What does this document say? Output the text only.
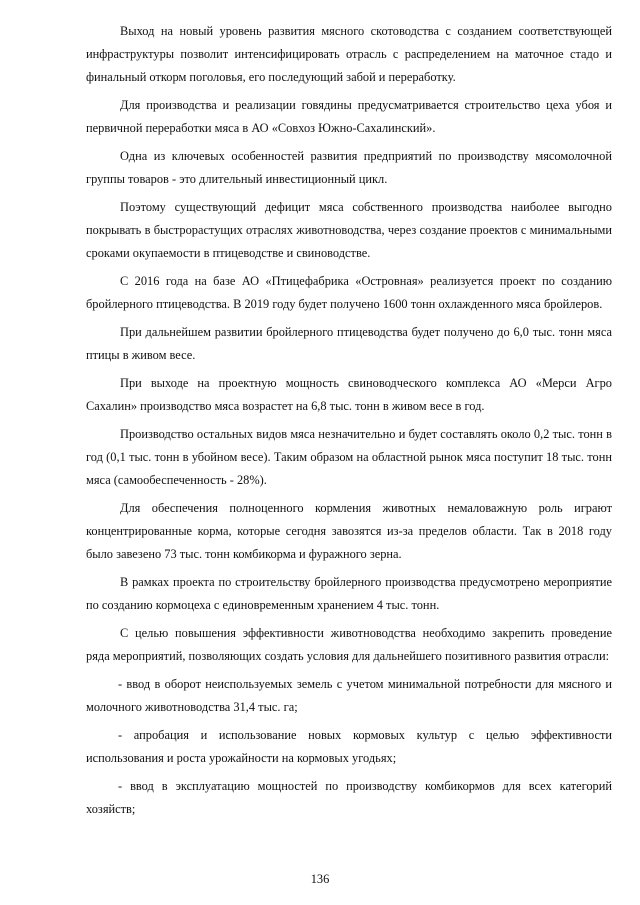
Выход на новый уровень развития мясного скотоводства с созданием соответствующей инфраструктуры позволит интенсифицировать отрасль с распределением на маточное стадо и финальный откорм поголовья, его последующий забой и переработку.

Для производства и реализации говядины предусматривается строительство цеха убоя и первичной переработки мяса в АО «Совхоз Южно-Сахалинский».

Одна из ключевых особенностей развития предприятий по производству мясомолочной группы товаров - это длительный инвестиционный цикл.

Поэтому существующий дефицит мяса собственного производства наиболее выгодно покрывать в быстрорастущих отраслях животноводства, через создание проектов с минимальными сроками окупаемости в птицеводстве и свиноводстве.

С 2016 года на базе АО «Птицефабрика «Островная» реализуется проект по созданию бройлерного птицеводства. В 2019 году будет получено 1600 тонн охлажденного мяса бройлеров.

При дальнейшем развитии бройлерного птицеводства будет получено до 6,0 тыс. тонн мяса птицы в живом весе.

При выходе на проектную мощность свиноводческого комплекса АО «Мерси Агро Сахалин» производство мяса возрастет на 6,8 тыс. тонн в живом весе в год.

Производство остальных видов мяса незначительно и будет составлять около 0,2 тыс. тонн в год (0,1 тыс. тонн в убойном весе). Таким образом на областной рынок мяса поступит 18 тыс. тонн мяса (самообеспеченность - 28%).

Для обеспечения полноценного кормления животных немаловажную роль играют концентрированные корма, которые сегодня завозятся из-за пределов области. Так в 2018 году было завезено 73 тыс. тонн комбикорма и фуражного зерна.

В рамках проекта по строительству бройлерного производства предусмотрено мероприятие по созданию кормоцеха с единовременным хранением 4 тыс. тонн.

С целью повышения эффективности животноводства необходимо закрепить проведение ряда мероприятий, позволяющих создать условия для дальнейшего позитивного развития отрасли:

- ввод в оборот неиспользуемых земель с учетом минимальной потребности для мясного и молочного животноводства 31,4 тыс. га;

- апробация и использование новых кормовых культур с целью эффективности использования и роста урожайности на кормовых угодьях;

- ввод в эксплуатацию мощностей по производству комбикормов для всех категорий хозяйств;

136
